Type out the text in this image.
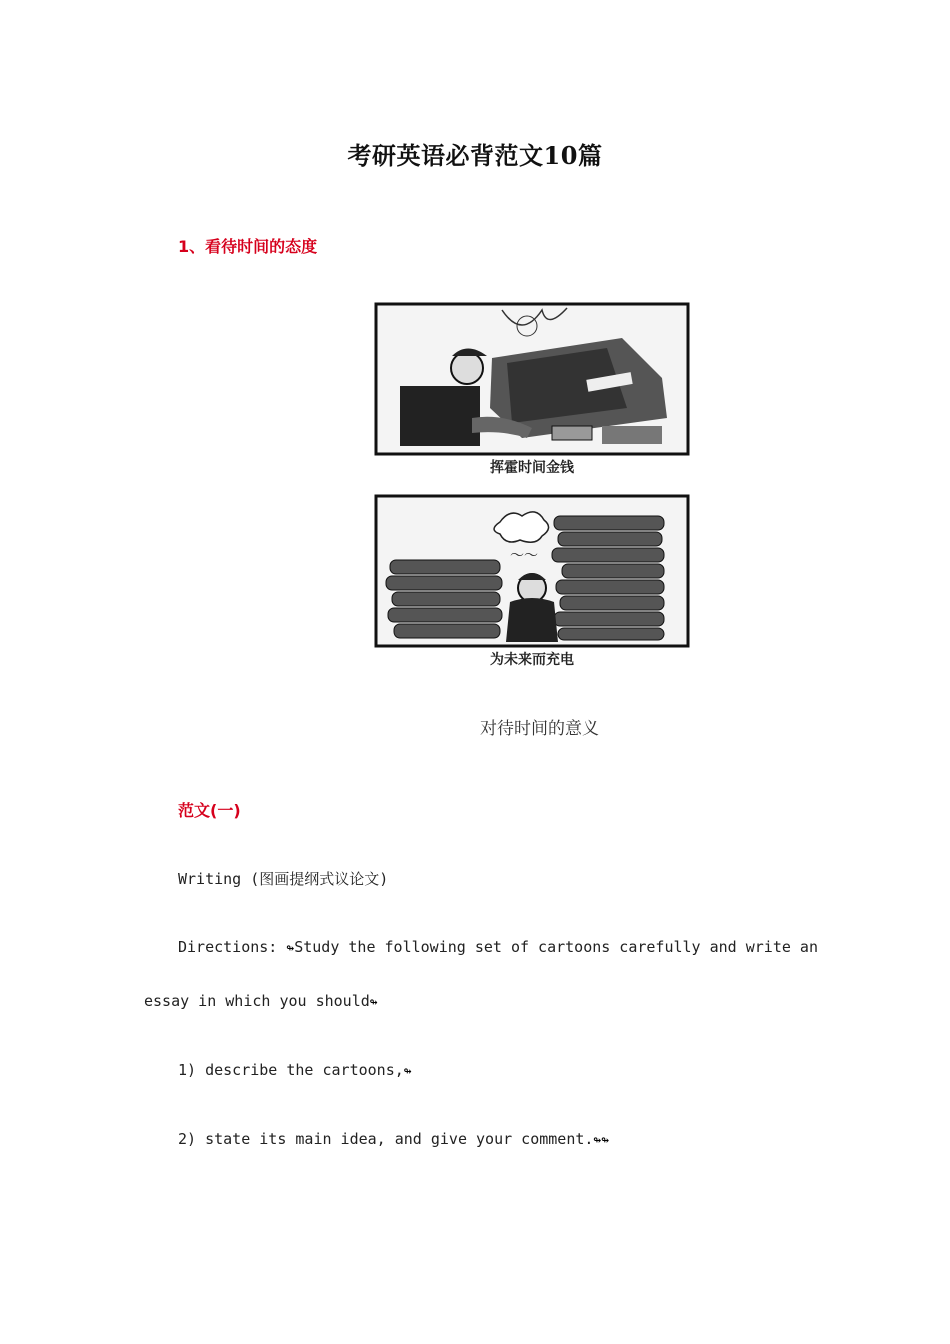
考研英语必背范文10篇
1、看待时间的态度
挥霍时间金钱
〜〜
为未来而充电
对待时间的意义
范文(一)
Writing (图画提纲式议论文)
Directions: ↬Study the following set of cartoons carefully and write an
essay in which you should↬
1) describe the cartoons,↬
2) state its main idea, and give your comment.↬↬
